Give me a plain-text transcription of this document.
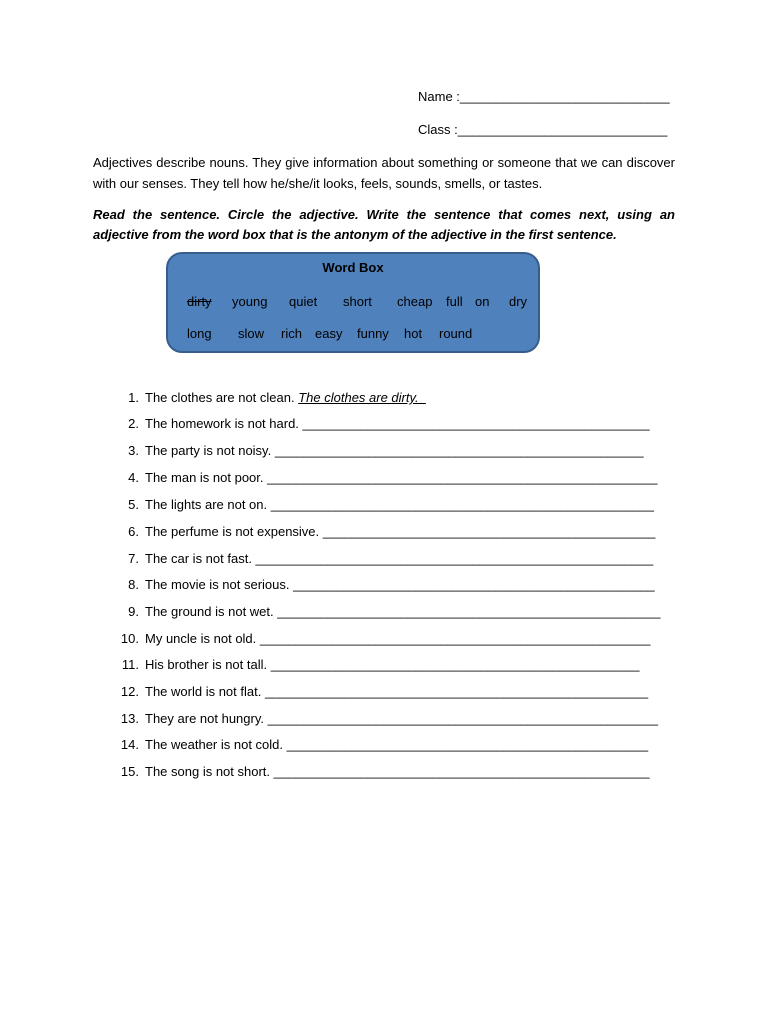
Name :_____________________________
Class :_____________________________
Adjectives describe nouns. They give information about something or someone that we can discover with our senses. They tell how he/she/it looks, feels, sounds, smells, or tastes.
Read the sentence. Circle the adjective. Write the sentence that comes next, using an adjective from the word box that is the antonym of the adjective in the first sentence.
Word Box
dirty young quiet short cheap full on dry
long slow rich easy funny hot round
1. The clothes are not clean. The clothes are dirty._
2. The homework is not hard. ________________________________________________
3. The party is not noisy. ___________________________________________________
4. The man is not poor. ______________________________________________________
5. The lights are not on. _____________________________________________________
6. The perfume is not expensive. ______________________________________________
7. The car is not fast. _______________________________________________________
8. The movie is not serious. __________________________________________________
9. The ground is not wet. _____________________________________________________
10. My uncle is not old. ______________________________________________________
11. His brother is not tall. ___________________________________________________
12. The world is not flat. _____________________________________________________
13. They are not hungry. ______________________________________________________
14. The weather is not cold. __________________________________________________
15. The song is not short. ____________________________________________________
